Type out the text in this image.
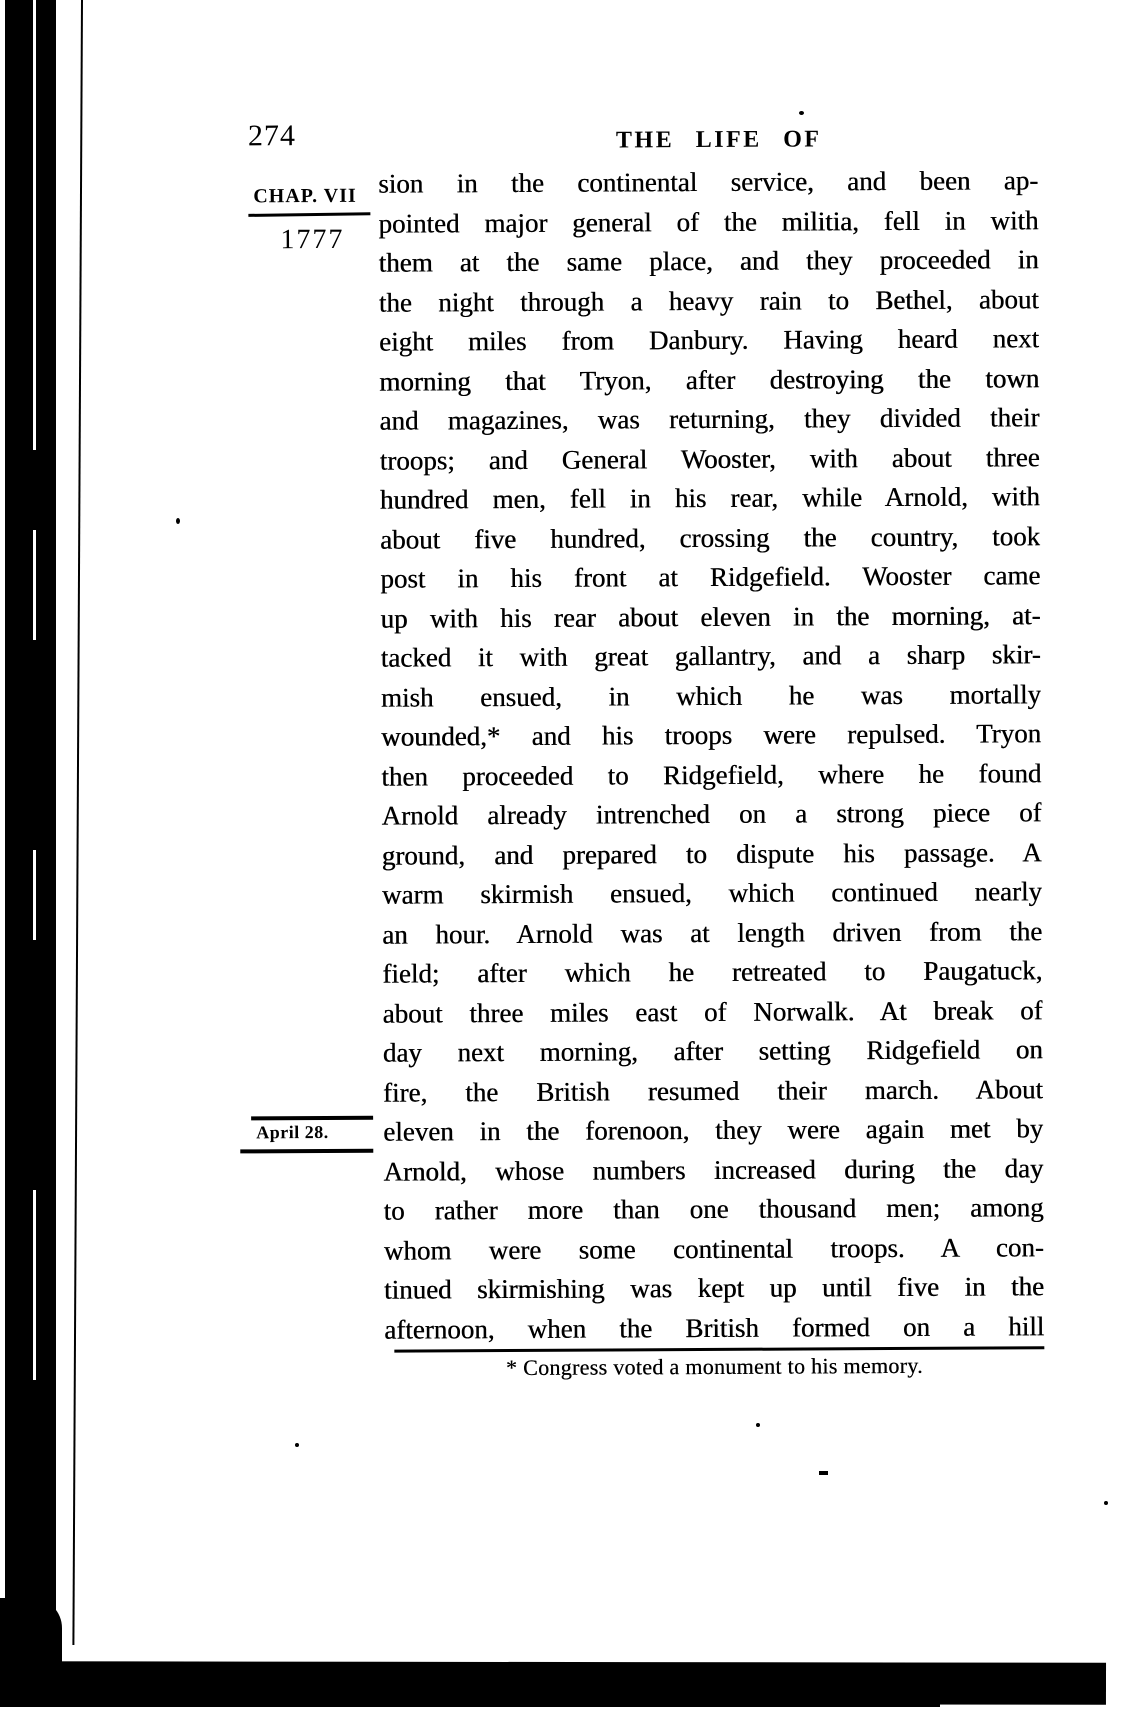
274	THE LIFE OF
CHAP. VII
1777
April 28.
sion in the continental service, and been ap-
pointed major general of the militia, fell in with
them at the same place, and they proceeded in
the night through a heavy rain to Bethel, about
eight miles from Danbury. Having heard next
morning that Tryon, after destroying the town
and magazines, was returning, they divided their
troops; and General Wooster, with about three
hundred men, fell in his rear, while Arnold, with
about five hundred, crossing the country, took
post in his front at Ridgefield. Wooster came
up with his rear about eleven in the morning, at-
tacked it with great gallantry, and a sharp skir-
mish ensued, in which he was mortally
wounded,* and his troops were repulsed. Tryon
then proceeded to Ridgefield, where he found
Arnold already intrenched on a strong piece of
ground, and prepared to dispute his passage. A
warm skirmish ensued, which continued nearly
an hour. Arnold was at length driven from the
field; after which he retreated to Paugatuck,
about three miles east of Norwalk. At break of
day next morning, after setting Ridgefield on
fire, the British resumed their march. About
eleven in the forenoon, they were again met by
Arnold, whose numbers increased during the day
to rather more than one thousand men; among
whom were some continental troops. A con-
tinued skirmishing was kept up until five in the
afternoon, when the British formed on a hill
* Congress voted a monument to his memory.
